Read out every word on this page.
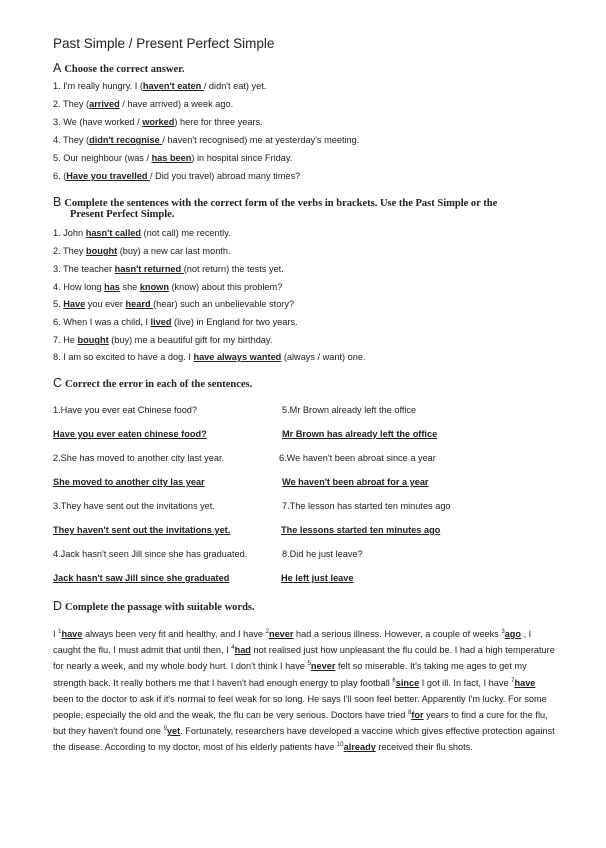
Past Simple / Present Perfect Simple
A Choose the correct answer.
1. I'm really hungry. I (haven't eaten / didn't eat) yet.
2. They (arrived / have arrived) a week ago.
3. We (have worked / worked) here for three years.
4. They (didn't recognise / haven't recognised) me at yesterday's meeting.
5. Our neighbour (was / has been) in hospital since Friday.
6. (Have you travelled / Did you travel) abroad many times?
B Complete the sentences with the correct form of the verbs in brackets. Use the Past Simple or the
Present Perfect Simple.
1. John hasn't called (not call) me recently.
2. They bought (buy) a new car last month.
3. The teacher hasn't returned (not return) the tests yet.
4. How long has she known (know) about this problem?
5. Have you ever heard (hear) such an unbelievable story?
6. When I was a child, I lived (live) in England for two years.
7. He bought (buy) me a beautiful gift for my birthday.
8. I am so excited to have a dog. I have always wanted (always / want) one.
C Correct the error in each of the sentences.
1.Have you ever eat Chinese food?
Have you ever eaten chinese food?
5.Mr Brown already left the office
Mr Brown has already left the office
2.She has moved to another city last year.
She moved to another city las year
6.We haven't been abroat since a year
We haven't been abroat for a year
3.They have sent out the invitations yet.
They haven't sent out the invitations yet.
7.The lesson has started ten minutes ago
The lessons started ten minutes ago
4.Jack hasn't seen Jill since she has graduated.
Jack hasn't saw Jill since she graduated
8.Did he just leave?
He left just leave
D Complete the passage with suitable words.
I $^1$have always been very fit and healthy, and I have $^2$never had a serious illness. However, a couple of weeks $^3$ago , I caught the flu. I must admit that until then, I $^4$had not realised just how unpleasant the flu could be. I had a high temperature for nearly a week, and my whole body hurt. I don't think I have $^5$never felt so miserable. It's taking me ages to get my strength back. It really bothers me that I haven't had enough energy to play football $^6$since I got ill. In fact, I have $^7$have been to the doctor to ask if it's normal to feel weak for so long. He says I'll soon feel better. Apparently I'm lucky. For some people, especially the old and the weak, the flu can be very serious. Doctors have tried $^8$for years to find a cure for the flu, but they haven't found one $^9$yet. Fortunately, researchers have developed a vaccine which gives effective protection against the disease. According to my doctor, most of his elderly patients have $^{10}$already received their flu shots.
